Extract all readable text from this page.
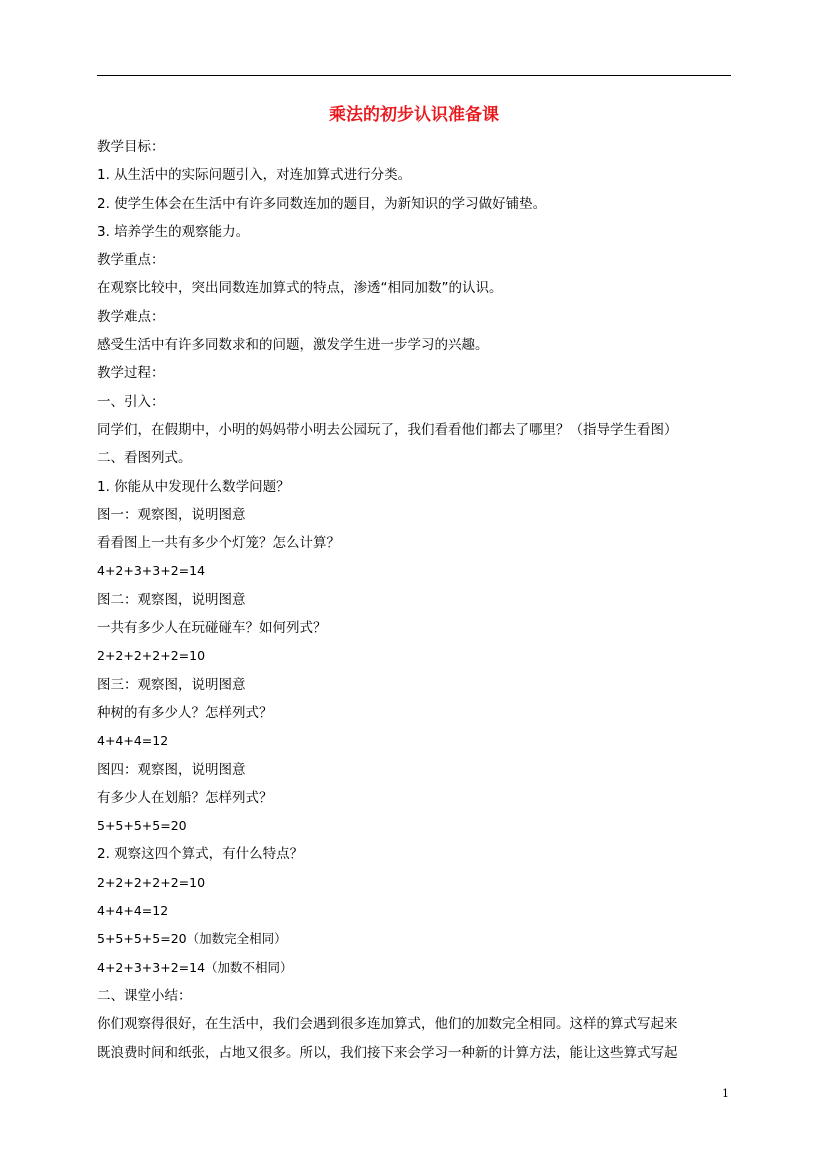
乘法的初步认识准备课
教学目标：
1. 从生活中的实际问题引入，对连加算式进行分类。
2. 使学生体会在生活中有许多同数连加的题目，为新知识的学习做好铺垫。
3. 培养学生的观察能力。
教学重点：
在观察比较中，突出同数连加算式的特点，渗透“相同加数”的认识。
教学难点：
感受生活中有许多同数求和的问题，激发学生进一步学习的兴趣。
教学过程：
一、引入：
同学们，在假期中，小明的妈妈带小明去公园玩了，我们看看他们都去了哪里？（指导学生看图）
二、看图列式。
1. 你能从中发现什么数学问题？
图一：观察图，说明图意
看看图上一共有多少个灯笼？怎么计算？
4+2+3+3+2=14
图二：观察图，说明图意
一共有多少人在玩碰碰车？如何列式？
2+2+2+2+2=10
图三：观察图，说明图意
种树的有多少人？怎样列式？
4+4+4=12
图四：观察图，说明图意
有多少人在划船？怎样列式？
5+5+5+5=20
2. 观察这四个算式，有什么特点？
2+2+2+2+2=10
4+4+4=12
5+5+5+5=20（加数完全相同）
4+2+3+3+2=14（加数不相同）
二、课堂小结：
你们观察得很好，在生活中，我们会遇到很多连加算式，他们的加数完全相同。这样的算式写起来
既浪费时间和纸张，占地又很多。所以，我们接下来会学习一种新的计算方法，能让这些算式写起
1
